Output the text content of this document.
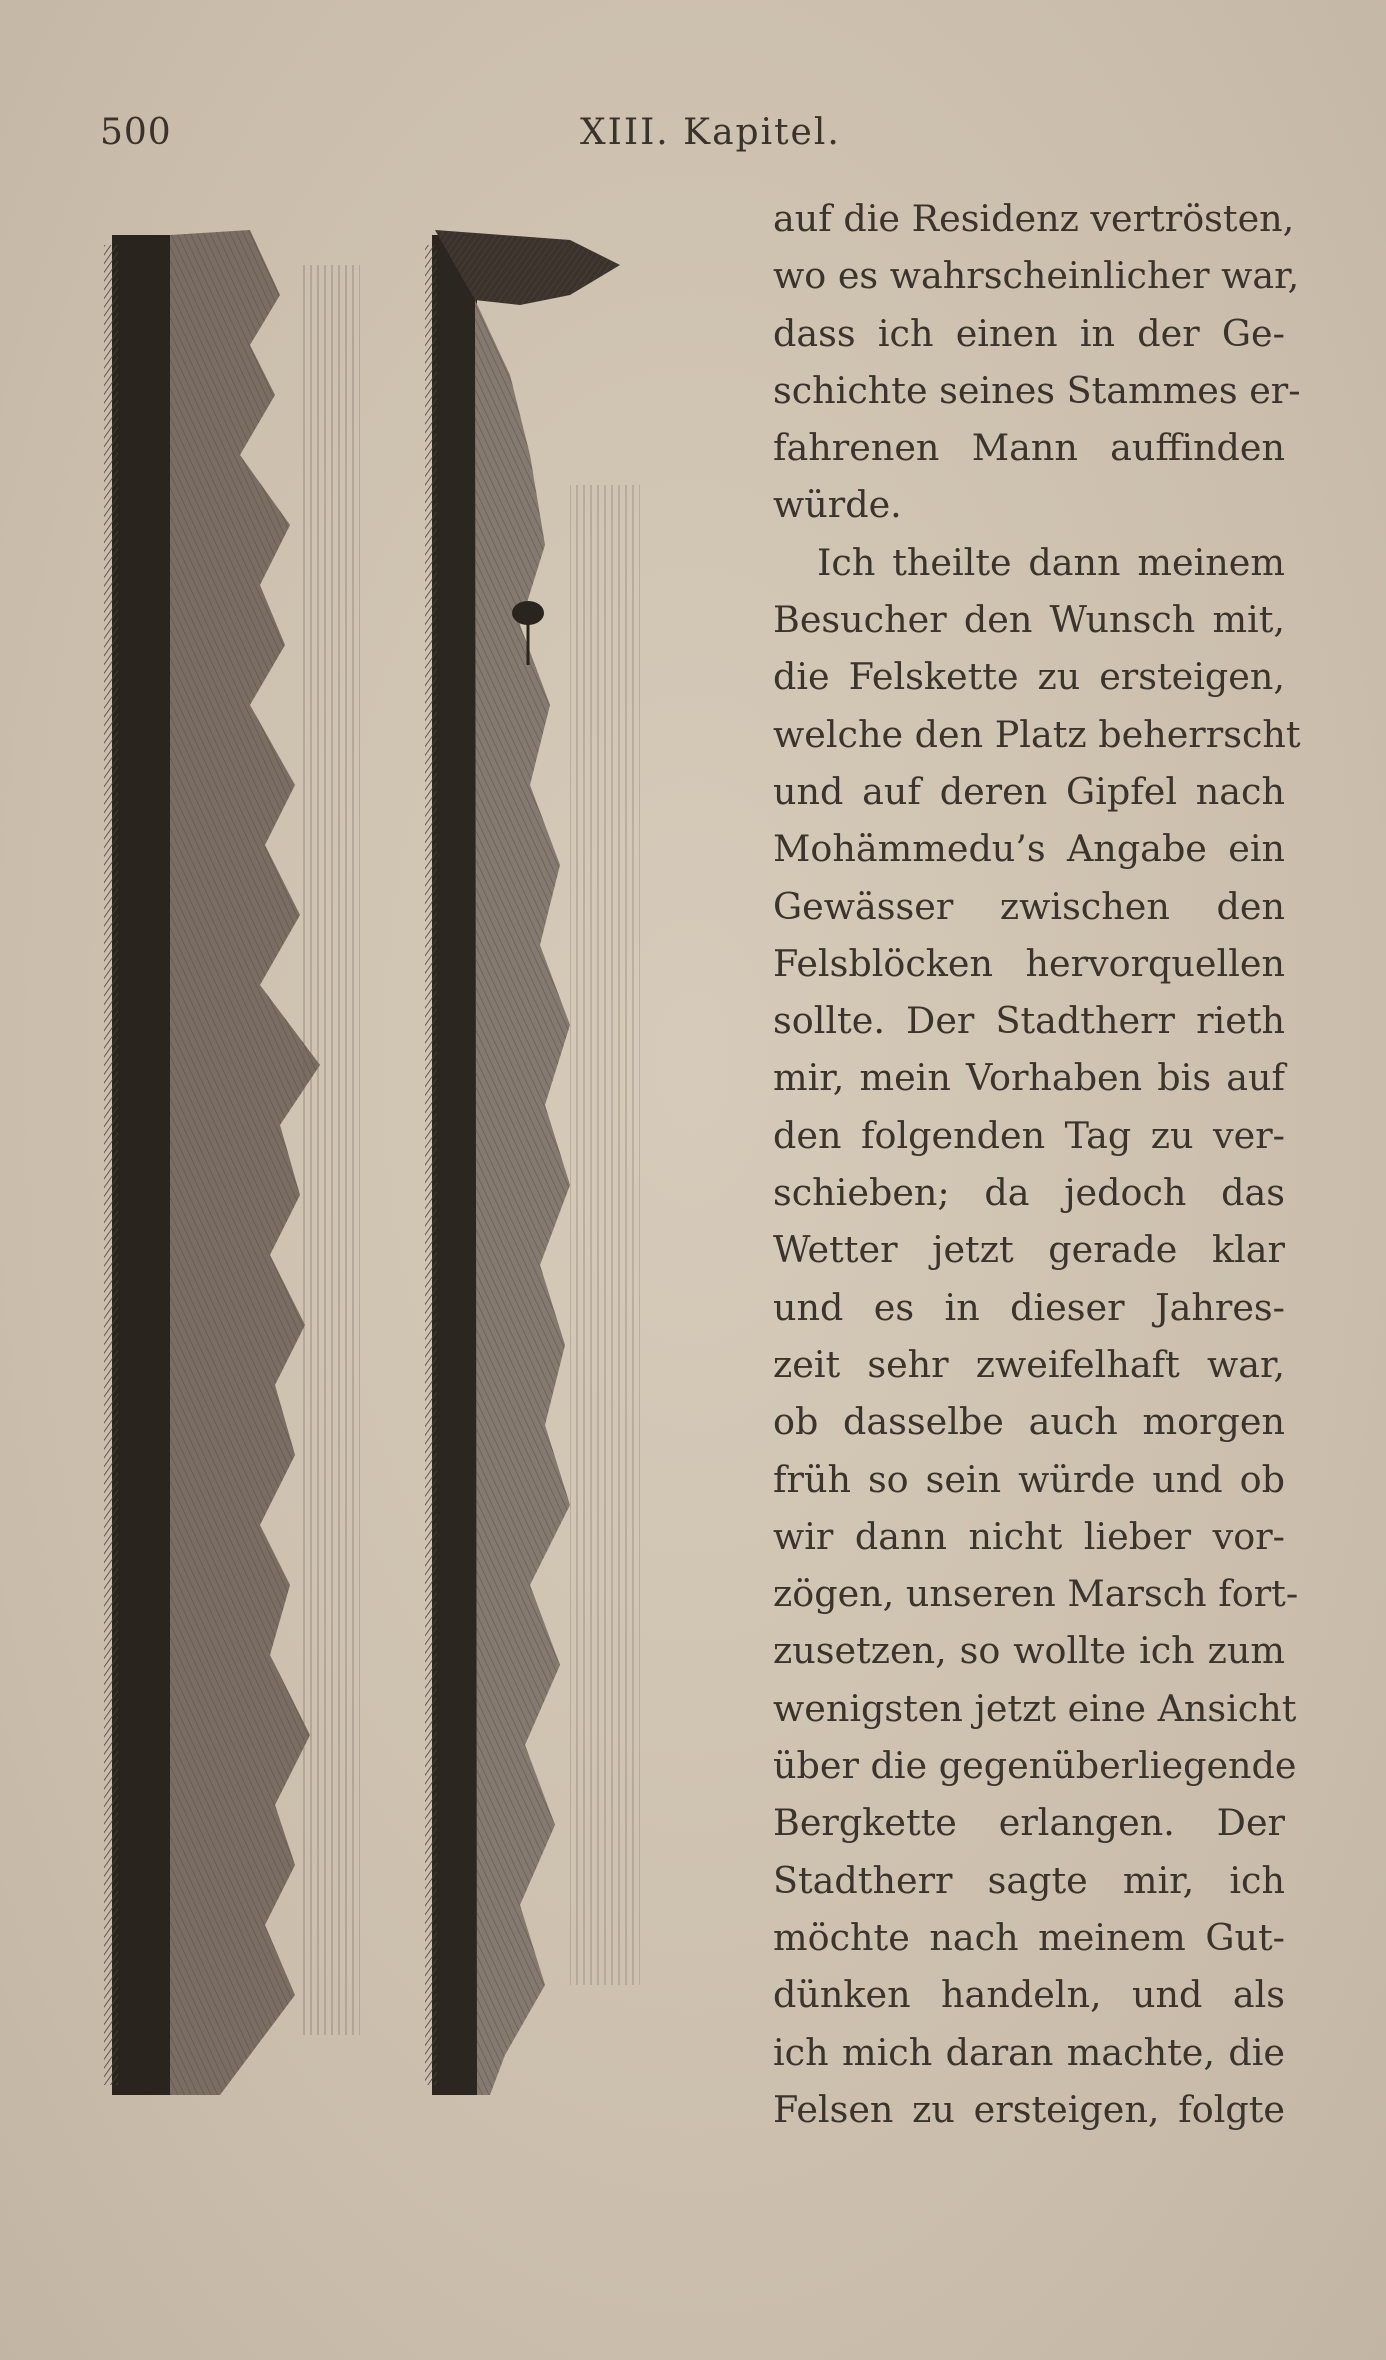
500	XIII. Kapitel.
auf die Residenz vertrösten,
wo es wahrscheinlicher war,
dass ich einen in der Ge-
schichte seines Stammes er-
fahrenen Mann auffinden
würde.
Ich theilte dann meinem
Besucher den Wunsch mit,
die Felskette zu ersteigen,
welche den Platz beherrscht
und auf deren Gipfel nach
Mohämmedu’s Angabe ein
Gewässer zwischen den
Felsblöcken hervorquellen
sollte. Der Stadtherr rieth
mir, mein Vorhaben bis auf
den folgenden Tag zu ver-
schieben; da jedoch das
Wetter jetzt gerade klar
und es in dieser Jahres-
zeit sehr zweifelhaft war,
ob dasselbe auch morgen
früh so sein würde und ob
wir dann nicht lieber vor-
zögen, unseren Marsch fort-
zusetzen, so wollte ich zum
wenigsten jetzt eine Ansicht
über die gegenüberliegende
Bergkette erlangen. Der
Stadtherr sagte mir, ich
möchte nach meinem Gut-
dünken handeln, und als
ich mich daran machte, die
Felsen zu ersteigen, folgte
